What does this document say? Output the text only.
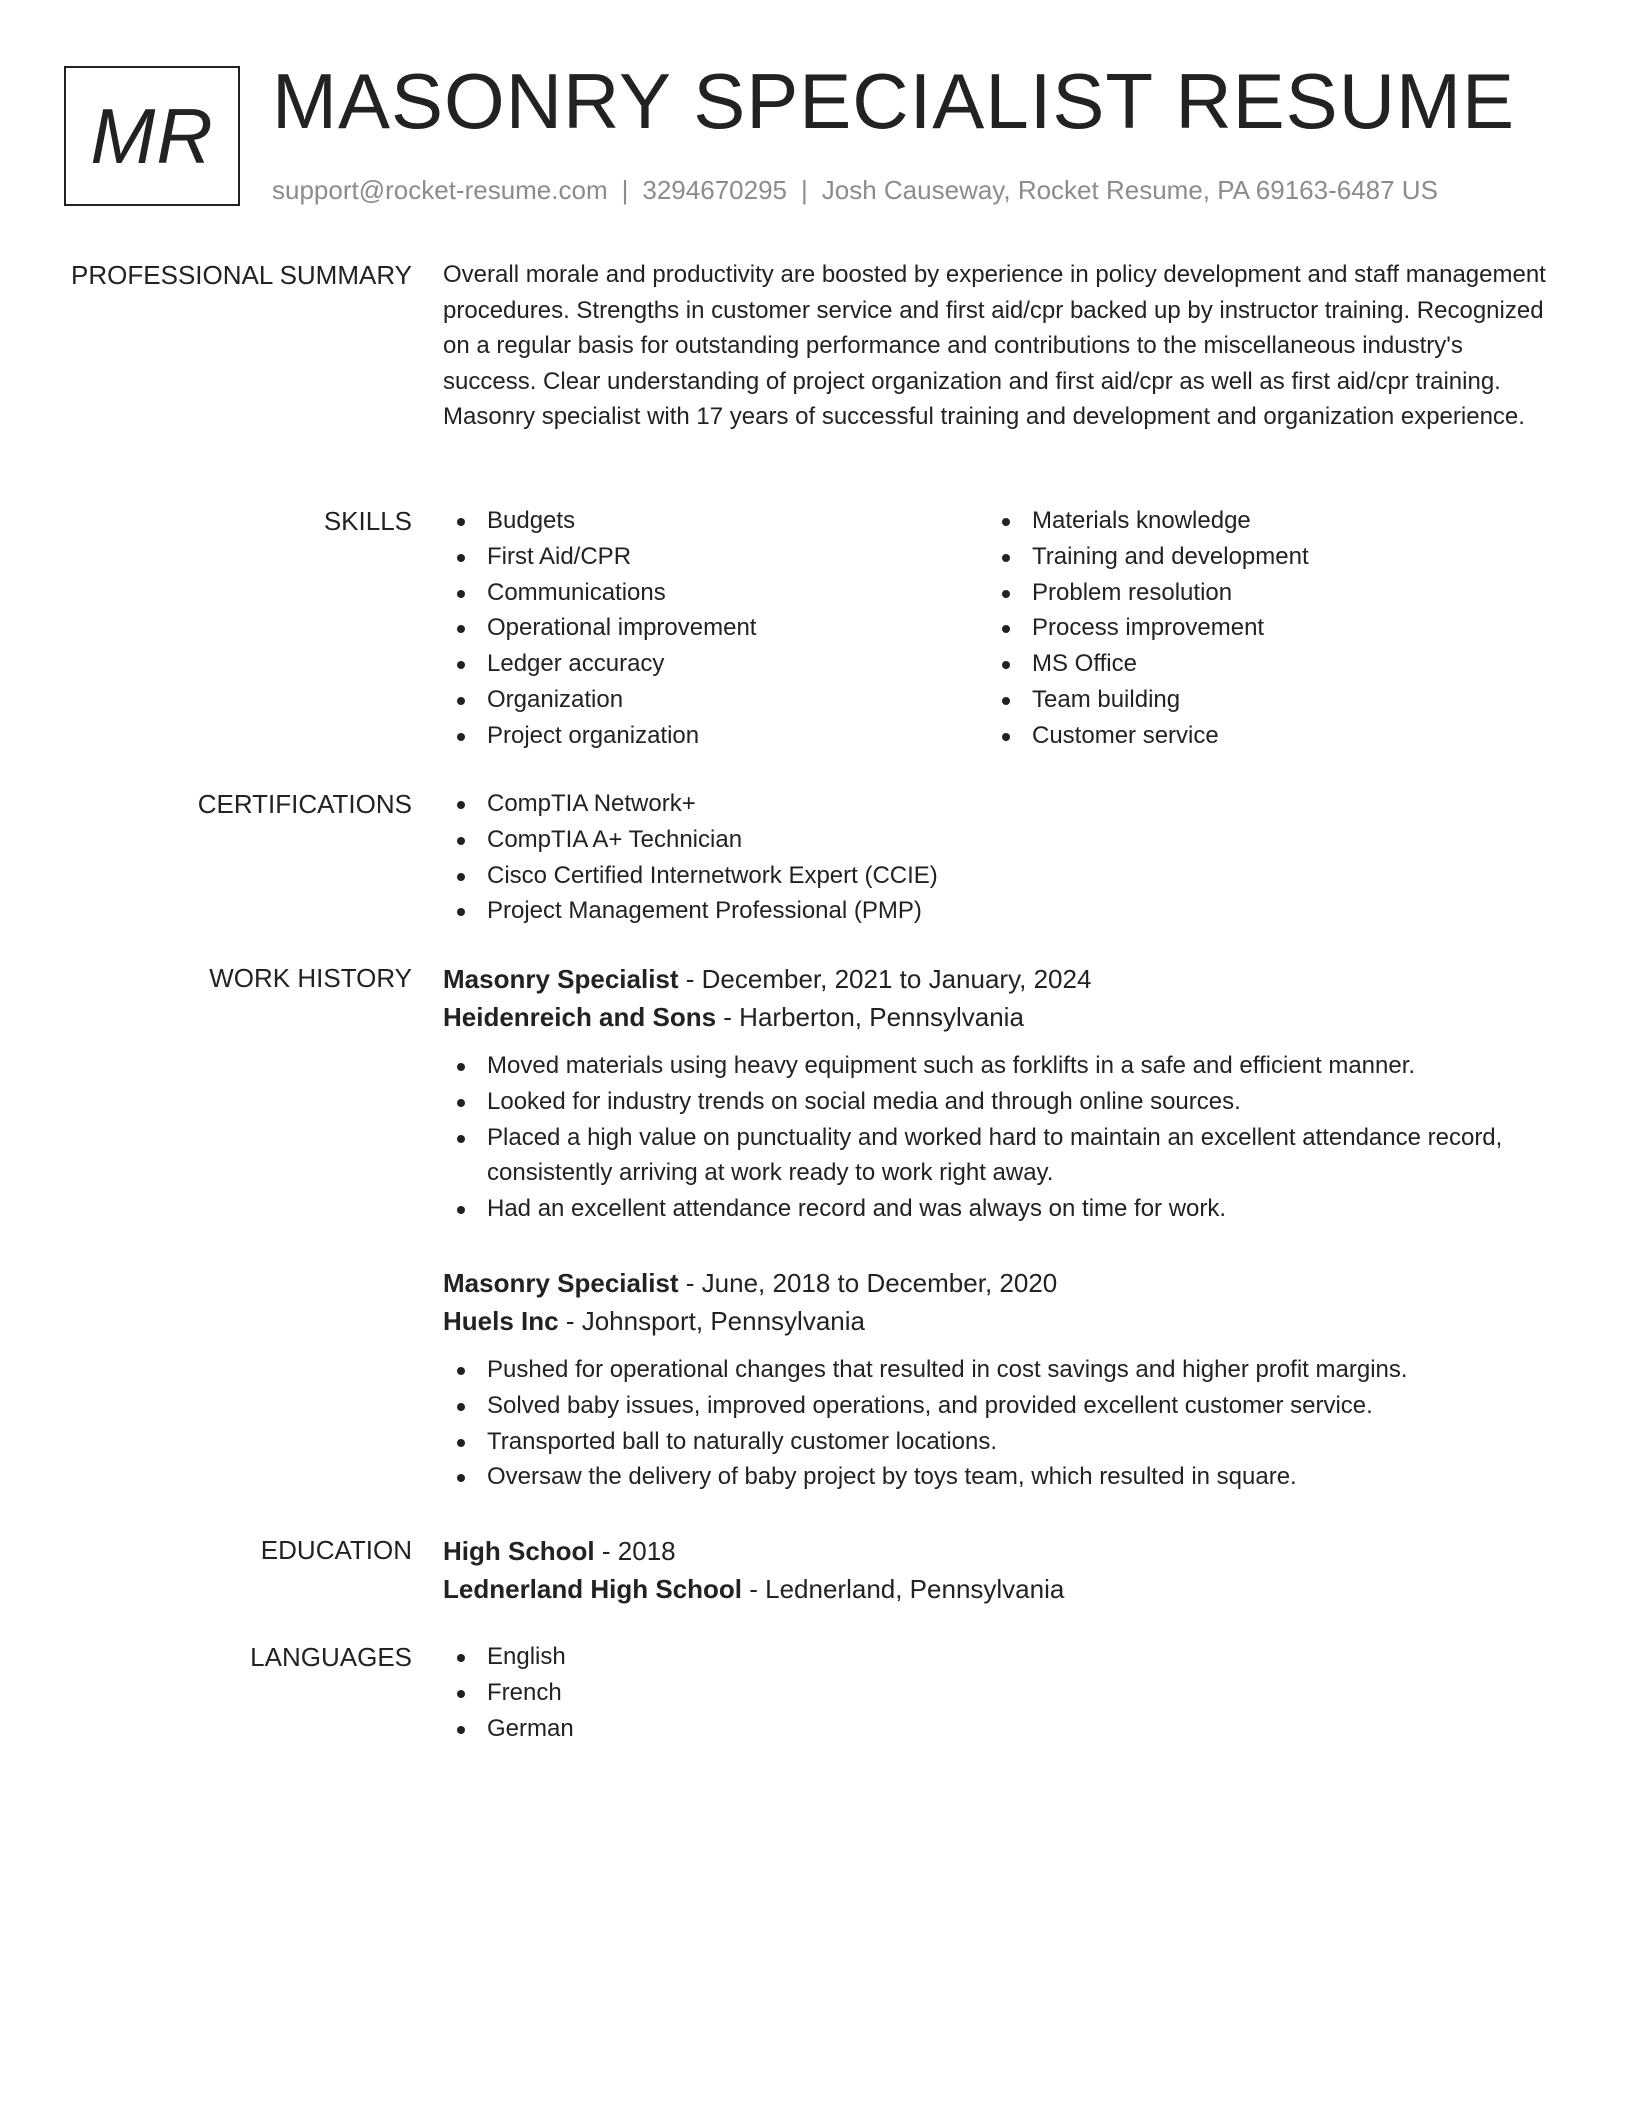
MR MASONRY SPECIALIST RESUME
support@rocket-resume.com | 3294670295 | Josh Causeway, Rocket Resume, PA 69163-6487 US
PROFESSIONAL SUMMARY Overall morale and productivity are boosted by experience in policy development and staff management procedures. Strengths in customer service and first aid/cpr backed up by instructor training. Recognized on a regular basis for outstanding performance and contributions to the miscellaneous industry's success. Clear understanding of project organization and first aid/cpr as well as first aid/cpr training. Masonry specialist with 17 years of successful training and development and organization experience.

SKILLS	Budgets
First Aid/CPR
Communications
Operational improvement
Ledger accuracy
Organization
Project organization
Materials knowledge
Training and development
Problem resolution
Process improvement
MS Office
Team building
Customer service
CERTIFICATIONS	CompTIA Network+
CompTIA A+ Technician
Cisco Certified Internetwork Expert (CCIE)
Project Management Professional (PMP)
WORK HISTORY Masonry Specialist - December, 2021 to January, 2024
Heidenreich and Sons - Harberton, Pennsylvania
Moved materials using heavy equipment such as forklifts in a safe and efficient manner.
Looked for industry trends on social media and through online sources.
Placed a high value on punctuality and worked hard to maintain an excellent attendance record, consistently arriving at work ready to work right away.
Had an excellent attendance record and was always on time for work.
Masonry Specialist - June, 2018 to December, 2020
Huels Inc - Johnsport, Pennsylvania
Pushed for operational changes that resulted in cost savings and higher profit margins.
Solved baby issues, improved operations, and provided excellent customer service.
Transported ball to naturally customer locations.
Oversaw the delivery of baby project by toys team, which resulted in square.
EDUCATION High School - 2018
Lednerland High School - Lednerland, Pennsylvania
LANGUAGES	English
French
German
